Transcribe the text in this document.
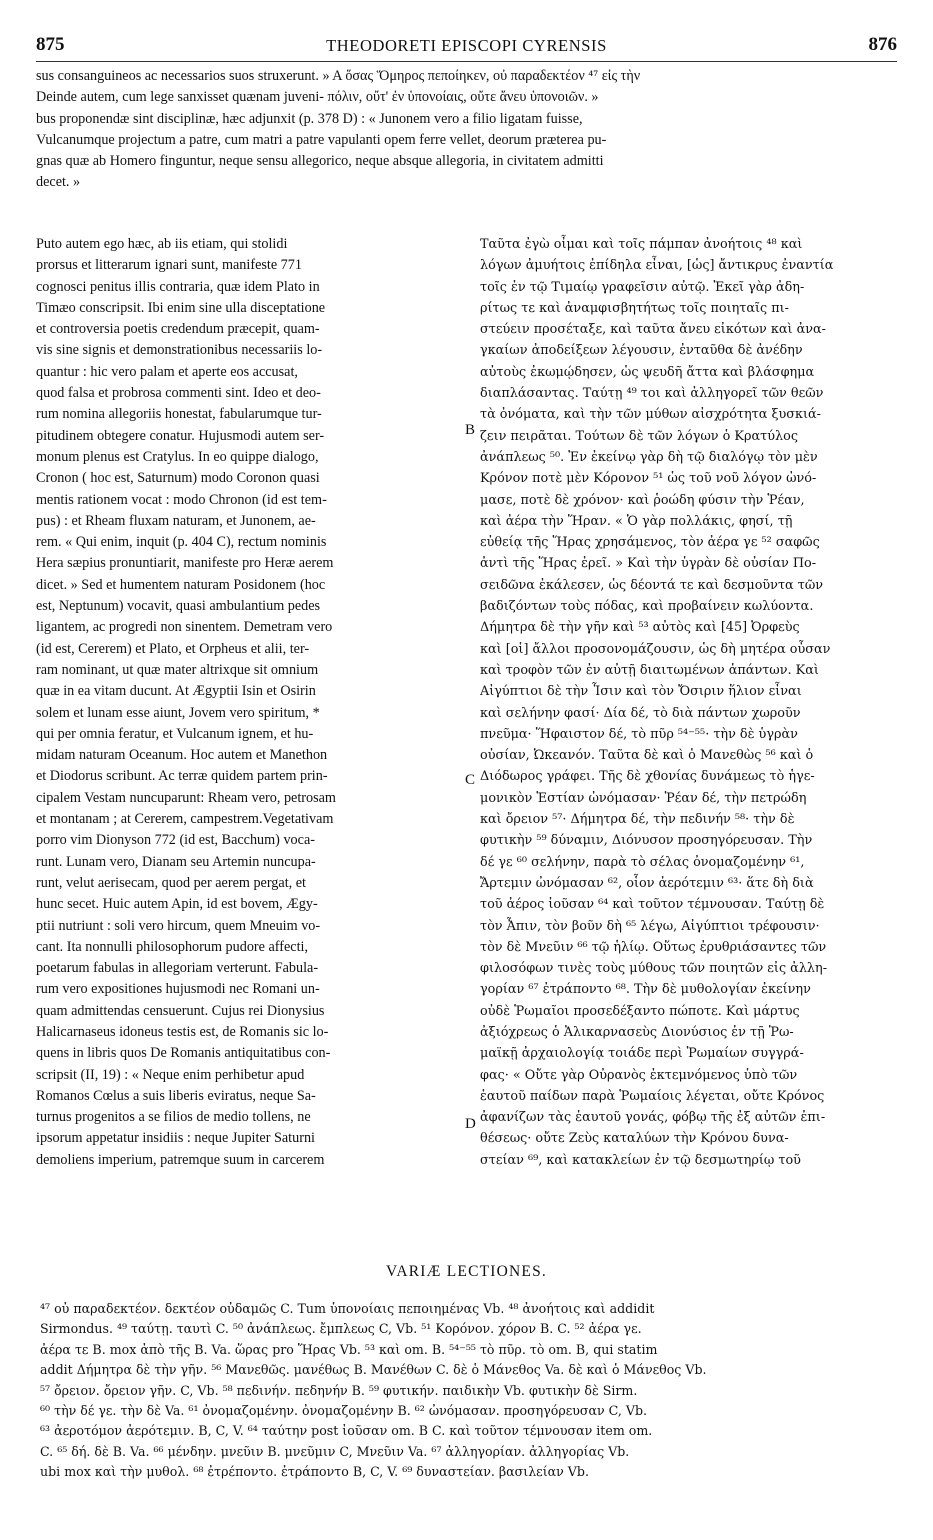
875	THEODORETI EPISCOPI CYRENSIS	876
sus consanguineos ac necessarios suos struxerunt. » A ὅσας Ὅμηρος πεποίηκεν, οὐ παραδεκτέον ⁴⁷ εἰς τὴν
Deinde autem, cum lege sanxisset quænam juveni- πόλιν, οὔτ' ἐν ὑπονοίαις, οὔτε ἄνευ ὑπονοιῶν. »
bus proponendæ sint disciplinæ, hæc adjunxit (p. 378 D) : « Junonem vero a filio ligatam fuisse,
Vulcanumque projectum a patre, cum matri a patre vapulanti opem ferre vellet, deorum præterea pu-
gnas quæ ab Homero finguntur, neque sensu allegorico, neque absque allegoria, in civitatem admitti
decet. »
Puto autem ego hæc, ab iis etiam, qui stolidi
prorsus et litterarum ignari sunt, manifeste 771
cognosci penitus illis contraria, quæ idem Plato in
Timæo conscripsit. Ibi enim sine ulla disceptatione
et controversia poetis credendum præcepit, quam-
vis sine signis et demonstrationibus necessariis lo-
quantur : hic vero palam et aperte eos accusat,
quod falsa et probrosa commenti sint. Ideo et deo-
rum nomina allegoriis honestat, fabularumque tur-
pitudinem obtegere conatur. Hujusmodi autem ser-
monum plenus est Cratylus. In eo quippe dialogo,
Cronon ( hoc est, Saturnum) modo Coronon quasi
mentis rationem vocat : modo Chronon (id est tem-
pus) : et Rheam fluxam naturam, et Junonem, ae-
rem. « Qui enim, inquit (p. 404 C), rectum nominis
Hera sæpius pronuntiarit, manifeste pro Heræ aerem
dicet. » Sed et humentem naturam Posidonem (hoc
est, Neptunum) vocavit, quasi ambulantium pedes
ligantem, ac progredi non sinentem. Demetram vero
(id est, Cererem) et Plato, et Orpheus et alii, ter-
ram nominant, ut quæ mater altrixque sit omnium
quæ in ea vitam ducunt. At Ægyptii Isin et Osirin
solem et lunam esse aiunt, Jovem vero spiritum, *
qui per omnia feratur, et Vulcanum ignem, et hu-
midam naturam Oceanum. Hoc autem et Manethon
et Diodorus scribunt. Ac terræ quidem partem prin-
cipalem Vestam nuncuparunt: Rheam vero, petrosam
et montanam ; at Cererem, campestrem.Vegetativam
porro vim Dionyson 772 (id est, Bacchum) voca-
runt. Lunam vero, Dianam seu Artemin nuncupa-
runt, velut aerisecam, quod per aerem pergat, et
hunc secet. Huic autem Apin, id est bovem, Ægy-
ptii nutriunt : soli vero hircum, quem Mneuim vo-
cant. Ita nonnulli philosophorum pudore affecti,
poetarum fabulas in allegoriam verterunt. Fabula-
rum vero expositiones hujusmodi nec Romani un-
quam admittendas censuerunt. Cujus rei Dionysius
Halicarnaseus idoneus testis est, de Romanis sic lo-
quens in libris quos De Romanis antiquitatibus con-
scripsit (II, 19) : « Neque enim perhibetur apud
Romanos Cœlus a suis liberis eviratus, neque Sa-
turnus progenitos a se filios de medio tollens, ne
ipsorum appetatur insidiis : neque Jupiter Saturni
demoliens imperium, patremque suum in carcerem
Ταῦτα ἐγὼ οἶμαι καὶ τοῖς πάμπαν ἀνοήτοις ⁴⁸ καὶ
λόγων ἀμυήτοις ἐπίδηλα εἶναι, [ὡς] ἄντικρυς ἐναντία
τοῖς ἐν τῷ Τιμαίῳ γραφεῖσιν αὐτῷ. Ἐκεῖ γὰρ ἀδη-
ρίτως τε καὶ ἀναμφισβητήτως τοῖς ποιηταῖς πι-
στεύειν προσέταξε, καὶ ταῦτα ἄνευ εἰκότων καὶ ἀνα-
γκαίων ἀποδείξεων λέγουσιν, ἐνταῦθα δὲ ἀνέδην
αὐτοὺς ἐκωμῴδησεν, ὡς ψευδῆ ἄττα καὶ βλάσφημα
διαπλάσαντας. Ταύτῃ ⁴⁹ τοι καὶ ἀλληγορεῖ τῶν θεῶν
τὰ ὀνόματα, καὶ τὴν τῶν μύθων αἰσχρότητα ξυσκιά-
ζειν πειρᾶται. Τούτων δὲ τῶν λόγων ὁ Κρατύλος
ἀνάπλεως ⁵⁰. Ἐν ἐκείνῳ γὰρ δὴ τῷ διαλόγῳ τὸν μὲν
Κρόνον ποτὲ μὲν Κόρονον ⁵¹ ὡς τοῦ νοῦ λόγον ὠνό-
μασε, ποτὲ δὲ χρόνον· καὶ ῥοώδη φύσιν τὴν Ῥέαν,
καὶ ἀέρα τὴν Ἥραν. « Ὁ γὰρ πολλάκις, φησί, τῇ
εὐθείᾳ τῆς Ἥρας χρησάμενος, τὸν ἀέρα γε ⁵² σαφῶς
ἀντὶ τῆς Ἥρας ἐρεῖ. » Καὶ τὴν ὑγρὰν δὲ οὐσίαν Πο-
σειδῶνα ἐκάλεσεν, ὡς δέοντά τε καὶ δεσμοῦντα τῶν
βαδιζόντων τοὺς πόδας, καὶ προβαίνειν κωλύοντα.
Δήμητρα δὲ τὴν γῆν καὶ ⁵³ αὐτὸς καὶ [45] Ὀρφεὺς
καὶ [οἱ] ἄλλοι προσονομάζουσιν, ὡς δὴ μητέρα οὖσαν
καὶ τροφὸν τῶν ἐν αὐτῇ διαιτωμένων ἁπάντων. Καὶ
Αἰγύπτιοι δὲ τὴν Ἶσιν καὶ τὸν Ὄσιριν ἥλιον εἶναι
καὶ σελήνην φασί· Δία δέ, τὸ διὰ πάντων χωροῦν
πνεῦμα· Ἥφαιστον δέ, τὸ πῦρ ⁵⁴⁻⁵⁵· τὴν δὲ ὑγρὰν
οὐσίαν, Ὠκεανόν. Ταῦτα δὲ καὶ ὁ Μανεθὼς ⁵⁶ καὶ ὁ
Διόδωρος γράφει. Τῆς δὲ χθονίας δυνάμεως τὸ ἡγε-
μονικὸν Ἑστίαν ὠνόμασαν· Ῥέαν δέ, τὴν πετρώδη
καὶ ὄρειον ⁵⁷· Δήμητρα δέ, τὴν πεδινήν ⁵⁸· τὴν δὲ
φυτικὴν ⁵⁹ δύναμιν, Διόνυσον προσηγόρευσαν. Τὴν
δέ γε ⁶⁰ σελήνην, παρὰ τὸ σέλας ὀνομαζομένην ⁶¹,
Ἄρτεμιν ὠνόμασαν ⁶², οἷον ἀερότεμιν ⁶³· ἅτε δὴ διὰ
τοῦ ἀέρος ἰοῦσαν ⁶⁴ καὶ τοῦτον τέμνουσαν. Ταύτῃ δὲ
τὸν Ἆπιν, τὸν βοῦν δὴ ⁶⁵ λέγω, Αἰγύπτιοι τρέφουσιν·
τὸν δὲ Μνεῦιν ⁶⁶ τῷ ἡλίῳ. Οὕτως ἐρυθριάσαντες τῶν
φιλοσόφων τινὲς τοὺς μύθους τῶν ποιητῶν εἰς ἀλλη-
γορίαν ⁶⁷ ἐτράποντο ⁶⁸. Τὴν δὲ μυθολογίαν ἐκείνην
οὐδὲ Ῥωμαῖοι προσεδέξαντο πώποτε. Καὶ μάρτυς
ἀξιόχρεως ὁ Ἁλικαρνασεὺς Διονύσιος ἐν τῇ Ῥω-
μαϊκῇ ἀρχαιολογίᾳ τοιάδε περὶ Ῥωμαίων συγγρά-
φας· « Οὔτε γὰρ Οὐρανὸς ἐκτεμνόμενος ὑπὸ τῶν
ἑαυτοῦ παίδων παρὰ Ῥωμαίοις λέγεται, οὔτε Κρόνος
ἀφανίζων τὰς ἑαυτοῦ γονάς, φόβῳ τῆς ἐξ αὐτῶν ἐπι-
θέσεως· οὔτε Ζεὺς καταλύων τὴν Κρόνου δυνα-
στείαν ⁶⁹, καὶ κατακλείων ἐν τῷ δεσμωτηρίῳ τοῦ
B
C
D
VARIÆ LECTIONES.
⁴⁷ οὐ παραδεκτέον. δεκτέον οὐδαμῶς C. Tum ὑπονοίαις πεποιημένας Vb. ⁴⁸ ἀνοήτοις καὶ addidit
Sirmondus. ⁴⁹ ταύτῃ. ταυτὶ C. ⁵⁰ ἀνάπλεως. ἔμπλεως C, Vb. ⁵¹ Κορόνον. χόρον B. C. ⁵² ἀέρα γε.
ἀέρα τε B. mox ἀπὸ τῆς B. Va. ὥρας pro Ἥρας Vb. ⁵³ καὶ om. B. ⁵⁴⁻⁵⁵ τὸ πῦρ. τὸ om. B, qui statim
addit Δήμητρα δὲ τὴν γῆν. ⁵⁶ Μανεθῶς. μανέθως B. Μανέθων C. δὲ ὁ Μάνεθος Va. δὲ καὶ ὁ Μάνεθος Vb.
⁵⁷ ὄρειον. ὄρειον γῆν. C, Vb. ⁵⁸ πεδινήν. πεδηνήν B. ⁵⁹ φυτικήν. παιδικὴν Vb. φυτικὴν δὲ Sirm.
⁶⁰ τὴν δέ γε. τὴν δὲ Va. ⁶¹ ὀνομαζομένην. ὀνομαζομένην B. ⁶² ὠνόμασαν. προσηγόρευσαν C, Vb.
⁶³ ἀεροτόμον ἀερότεμιν. B, C, V. ⁶⁴ ταύτην post ἰοῦσαν om. B C. καὶ τοῦτον τέμνουσαν item om.
C. ⁶⁵ δή. δὲ B. Va. ⁶⁶ μένδην. μνεῦιν B. μνεῦμιν C, Μνεῦιν Va. ⁶⁷ ἀλληγορίαν. ἀλληγορίας Vb.
ubi mox καὶ τὴν μυθολ. ⁶⁸ ἐτρέποντο. ἐτράποντο B, C, V. ⁶⁹ δυναστείαν. βασιλείαν Vb.
